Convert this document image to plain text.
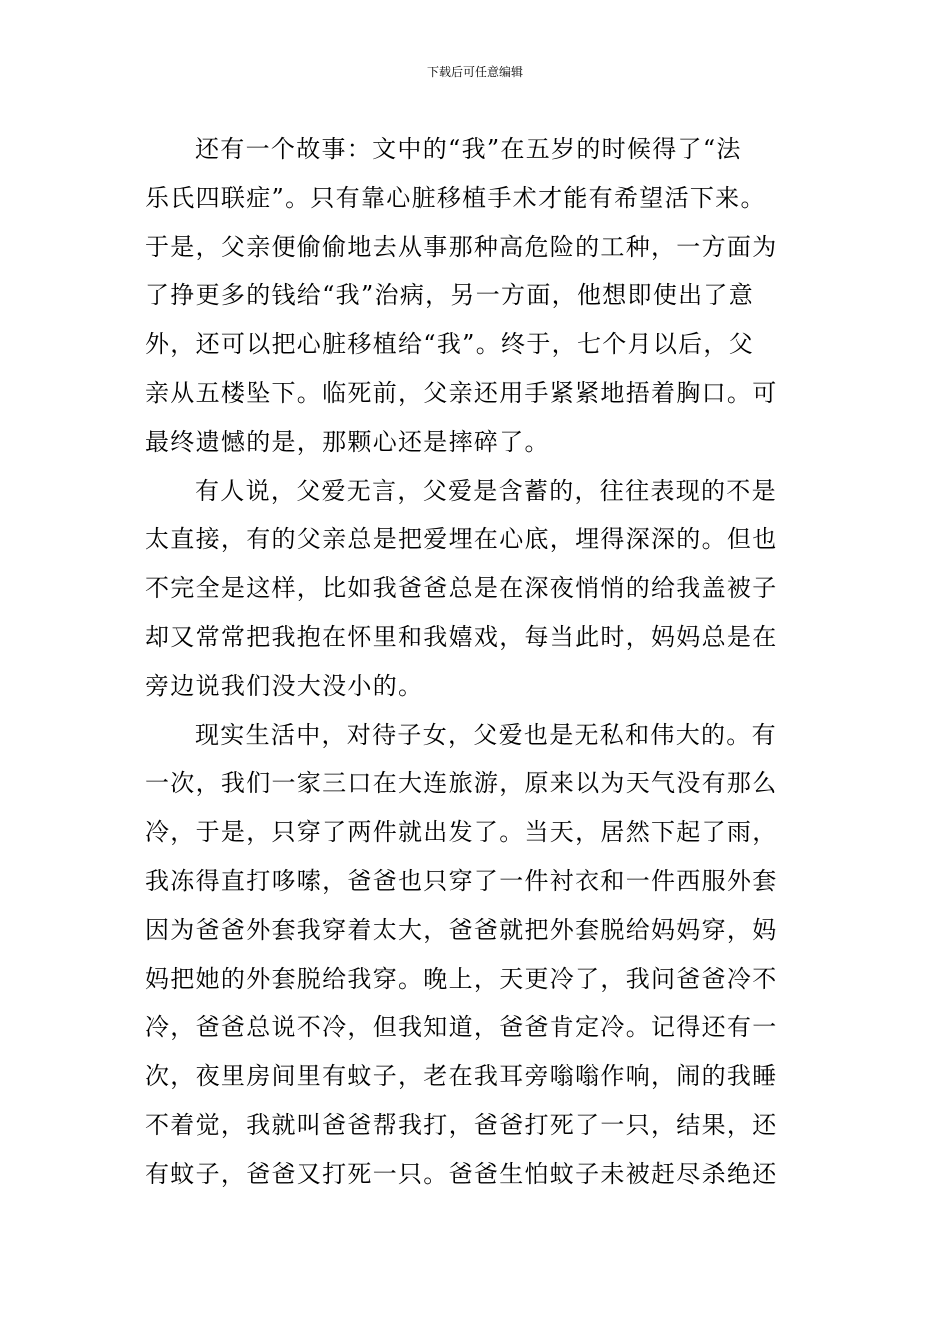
下载后可任意编辑
还有一个故事：文中的“我”在五岁的时候得了“法
乐氏四联症”。只有靠心脏移植手术才能有希望活下来。
于是，父亲便偷偷地去从事那种高危险的工种，一方面为
了挣更多的钱给“我”治病，另一方面，他想即使出了意
外，还可以把心脏移植给“我”。终于，七个月以后，父
亲从五楼坠下。临死前，父亲还用手紧紧地捂着胸口。可
最终遗憾的是，那颗心还是摔碎了。
有人说，父爱无言，父爱是含蓄的，往往表现的不是
太直接，有的父亲总是把爱埋在心底，埋得深深的。但也
不完全是这样，比如我爸爸总是在深夜悄悄的给我盖被子
却又常常把我抱在怀里和我嬉戏，每当此时，妈妈总是在
旁边说我们没大没小的。
现实生活中，对待子女，父爱也是无私和伟大的。有
一次，我们一家三口在大连旅游，原来以为天气没有那么
冷，于是，只穿了两件就出发了。当天，居然下起了雨，
我冻得直打哆嗦，爸爸也只穿了一件衬衣和一件西服外套
因为爸爸外套我穿着太大，爸爸就把外套脱给妈妈穿，妈
妈把她的外套脱给我穿。晚上，天更冷了，我问爸爸冷不
冷，爸爸总说不冷，但我知道，爸爸肯定冷。记得还有一
次，夜里房间里有蚊子，老在我耳旁嗡嗡作响，闹的我睡
不着觉，我就叫爸爸帮我打，爸爸打死了一只，结果，还
有蚊子，爸爸又打死一只。爸爸生怕蚊子未被赶尽杀绝还
